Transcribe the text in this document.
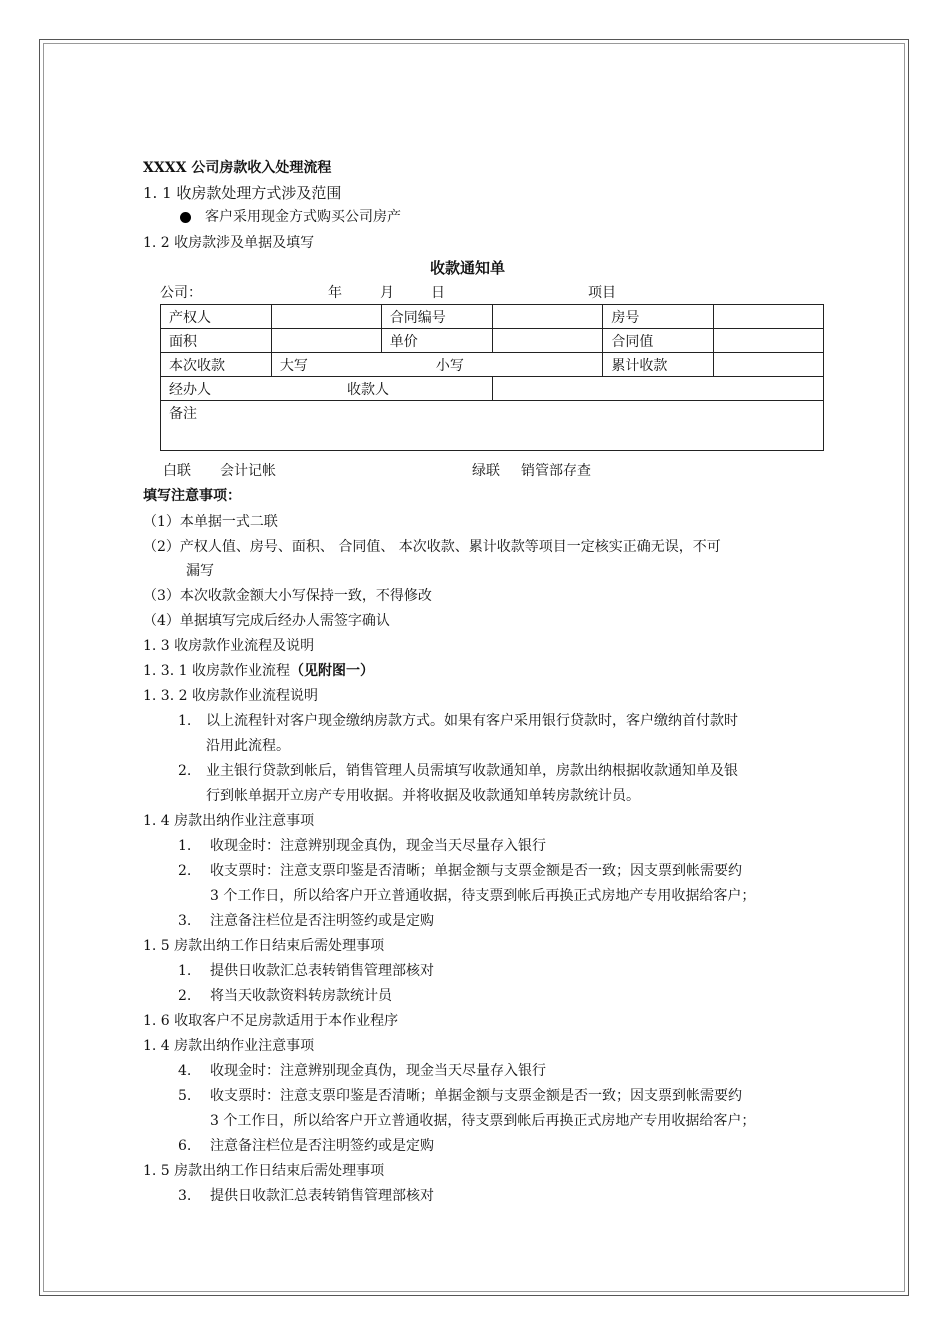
XXXX 公司房款收入处理流程
1. 1 收房款处理方式涉及范围
客户采用现金方式购买公司房产
1. 2 收房款涉及单据及填写
收款通知单
公司：	年	月	日	项目
产权人		合同编号		房号	
面积		单价		合同值	
本次收款	大写 小写			累计收款	
经办人 收款人					
备注					
白联 会计记帐	绿联 销管部存查
填写注意事项：
（1）本单据一式二联
（2）产权人值、房号、面积、 合同值、 本次收款、累计收款等项目一定核实正确无误，不可
漏写
（3）本次收款金额大小写保持一致，不得修改
（4）单据填写完成后经办人需签字确认
1. 3 收房款作业流程及说明
1. 3. 1 收房款作业流程（见附图一）
1. 3. 2 收房款作业流程说明
1. 以上流程针对客户现金缴纳房款方式。如果有客户采用银行贷款时，客户缴纳首付款时
沿用此流程。
2. 业主银行贷款到帐后，销售管理人员需填写收款通知单，房款出纳根据收款通知单及银
行到帐单据开立房产专用收据。并将收据及收款通知单转房款统计员。
1. 4 房款出纳作业注意事项
1. 收现金时：注意辨别现金真伪，现金当天尽量存入银行
2. 收支票时：注意支票印鉴是否清晰；单据金额与支票金额是否一致；因支票到帐需要约
3 个工作日，所以给客户开立普通收据，待支票到帐后再换正式房地产专用收据给客户；
3. 注意备注栏位是否注明签约或是定购
1. 5 房款出纳工作日结束后需处理事项
1. 提供日收款汇总表转销售管理部核对
2. 将当天收款资料转房款统计员
1. 6 收取客户不足房款适用于本作业程序
1. 4 房款出纳作业注意事项
4. 收现金时：注意辨别现金真伪，现金当天尽量存入银行
5. 收支票时：注意支票印鉴是否清晰；单据金额与支票金额是否一致；因支票到帐需要约
3 个工作日，所以给客户开立普通收据，待支票到帐后再换正式房地产专用收据给客户；
6. 注意备注栏位是否注明签约或是定购
1. 5 房款出纳工作日结束后需处理事项
3. 提供日收款汇总表转销售管理部核对
